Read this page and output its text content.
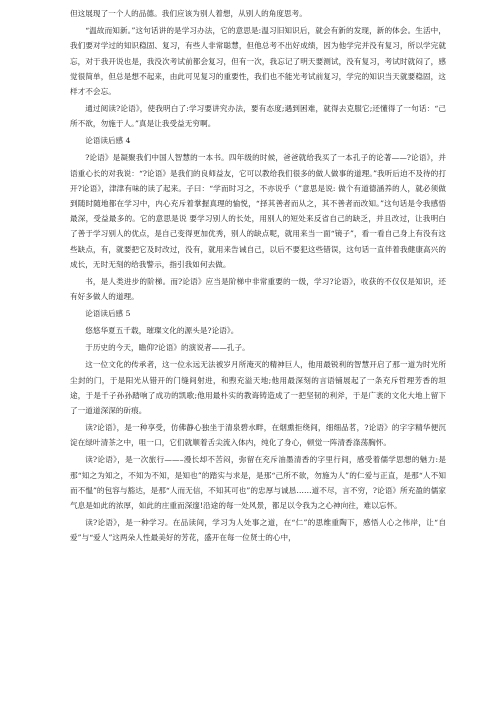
但这展现了一个人的品德。我们应该为别人着想，从别人的角度思考。

“温故而知新。”这句话讲的是学习办法，它的意思是:温习旧知识后，就会有新的发现，新的体会。生活中，我们要对学过的知识稳固、复习，有些人非常聪慧，但他总考不出好成绩，因为他学完并没有复习，所以学完就忘，对于我开说也是，我没次考试前都会复习，但有一次，我忘记了明天要测试，没有复习，考试时就闷了，感觉很简单，但总是想不起来，由此可见复习的重要性，我们也不能光考试前复习，学完的知识当天就要稳固，这样才不会忘。

通过阅读?论语》，使我明白了:学习要讲究办法，要有态度;遇到困难，就得去克服它;还懂得了一句话：“己所不欲，勿施于人。”真是让我受益无穷啊。

论语读后感 4

?论语》是凝聚我们中国人智慧的一本书。四年级的时候，爸爸就给我买了一本孔子的论著——?论语》，并语重心长的对我说：“?论语》是我们的良师益友，它可以教给我们很多的做人做事的道理。”我听后迫不及待的打开?论语》，津津有味的读了起来。子曰：“学而时习之，不亦说乎（”意思是说: 做个有道德涵养的人，就必须做到随时随地都在学习中，内心充斥着掌握真理的愉悦，“择其善者而从之，其不善者而改知。”这句话是令我感悟最深，受益最多的。它的意思是说 要学习别人的长处，用别人的短处来反省自己的缺乏，并且改过，让我明白了善于学习别人的优点，是自己变得更加优秀，别人的缺点呢，就用来当一面“镜子”，看一看自己身上有没有这些缺点，有，就要把它及时改过，没有，就用来告诫自己，以后不要犯这些错误，这句话一直伴着我健康高兴的成长，无时无刻的给我警示，指引我如何去做。

书，是人类进步的阶梯。而?论语》应当是阶梯中非常重要的一级，学习?论语》，收获的不仅仅是知识，还有好多做人的道理。

论语读后感 5

悠悠华夏五千载，璀璨文化的源头是?论语》。

于历史的今天，瞻仰?论语》的演说者——孔子。

这一位文化的传承者，这一位永远无法被岁月所淹灭的精神巨人，他用最锐利的智慧开启了那一道为时光所尘封的门，于是阳光从错开的门缝间射进，和煦充溢天地;他用最深刻的言语铺展起了一条充斥哲理芳香的坦途，于是千子孙孙踏响了成功的凯歌;他用最朴实的教诲铸造成了一把坚韧的利斧，于是广袤的文化大地上留下了一道道深深的斫痕。

读?论语》，是一种享受，仿佛静心独坐于清泉碧水畔，在烟熏拒绕间，细细品茗，?论语》的字字精华便沉淀在绿叶清茶之中，咀一口，它们就顺着舌尖流入体内，纯化了身心，顿觉一阵清香涤荡胸怀。

读?论语》，是一次旅行——–漫长却不苦闷，弥留在充斥油墨清香的字里行间，感受着儒学思想的魅力:是那“知之为知之，不知为不知，是知也”的踏实与求是，是那“己所不欲，勿施为人”的仁爱与正直，是那“人不知而不愠”的包容与豁达，是那“人而无信，不知其可也”的忠厚与诚恳……道不尽，言不穷，?论语》所充盈的儒家气息是如此的浓厚，如此的庄重而深邃!沿途的每一处风景，都足以令我为之心神向往，难以忘怀。

读?论语》，是一种学习。在品读间，学习为人处事之道，在“仁”的思维重陶下，感悟人心之伟岸，让“自爱”与“爱人”这两朵人性最美好的芳花，盛开在每一位贤士的心中，
